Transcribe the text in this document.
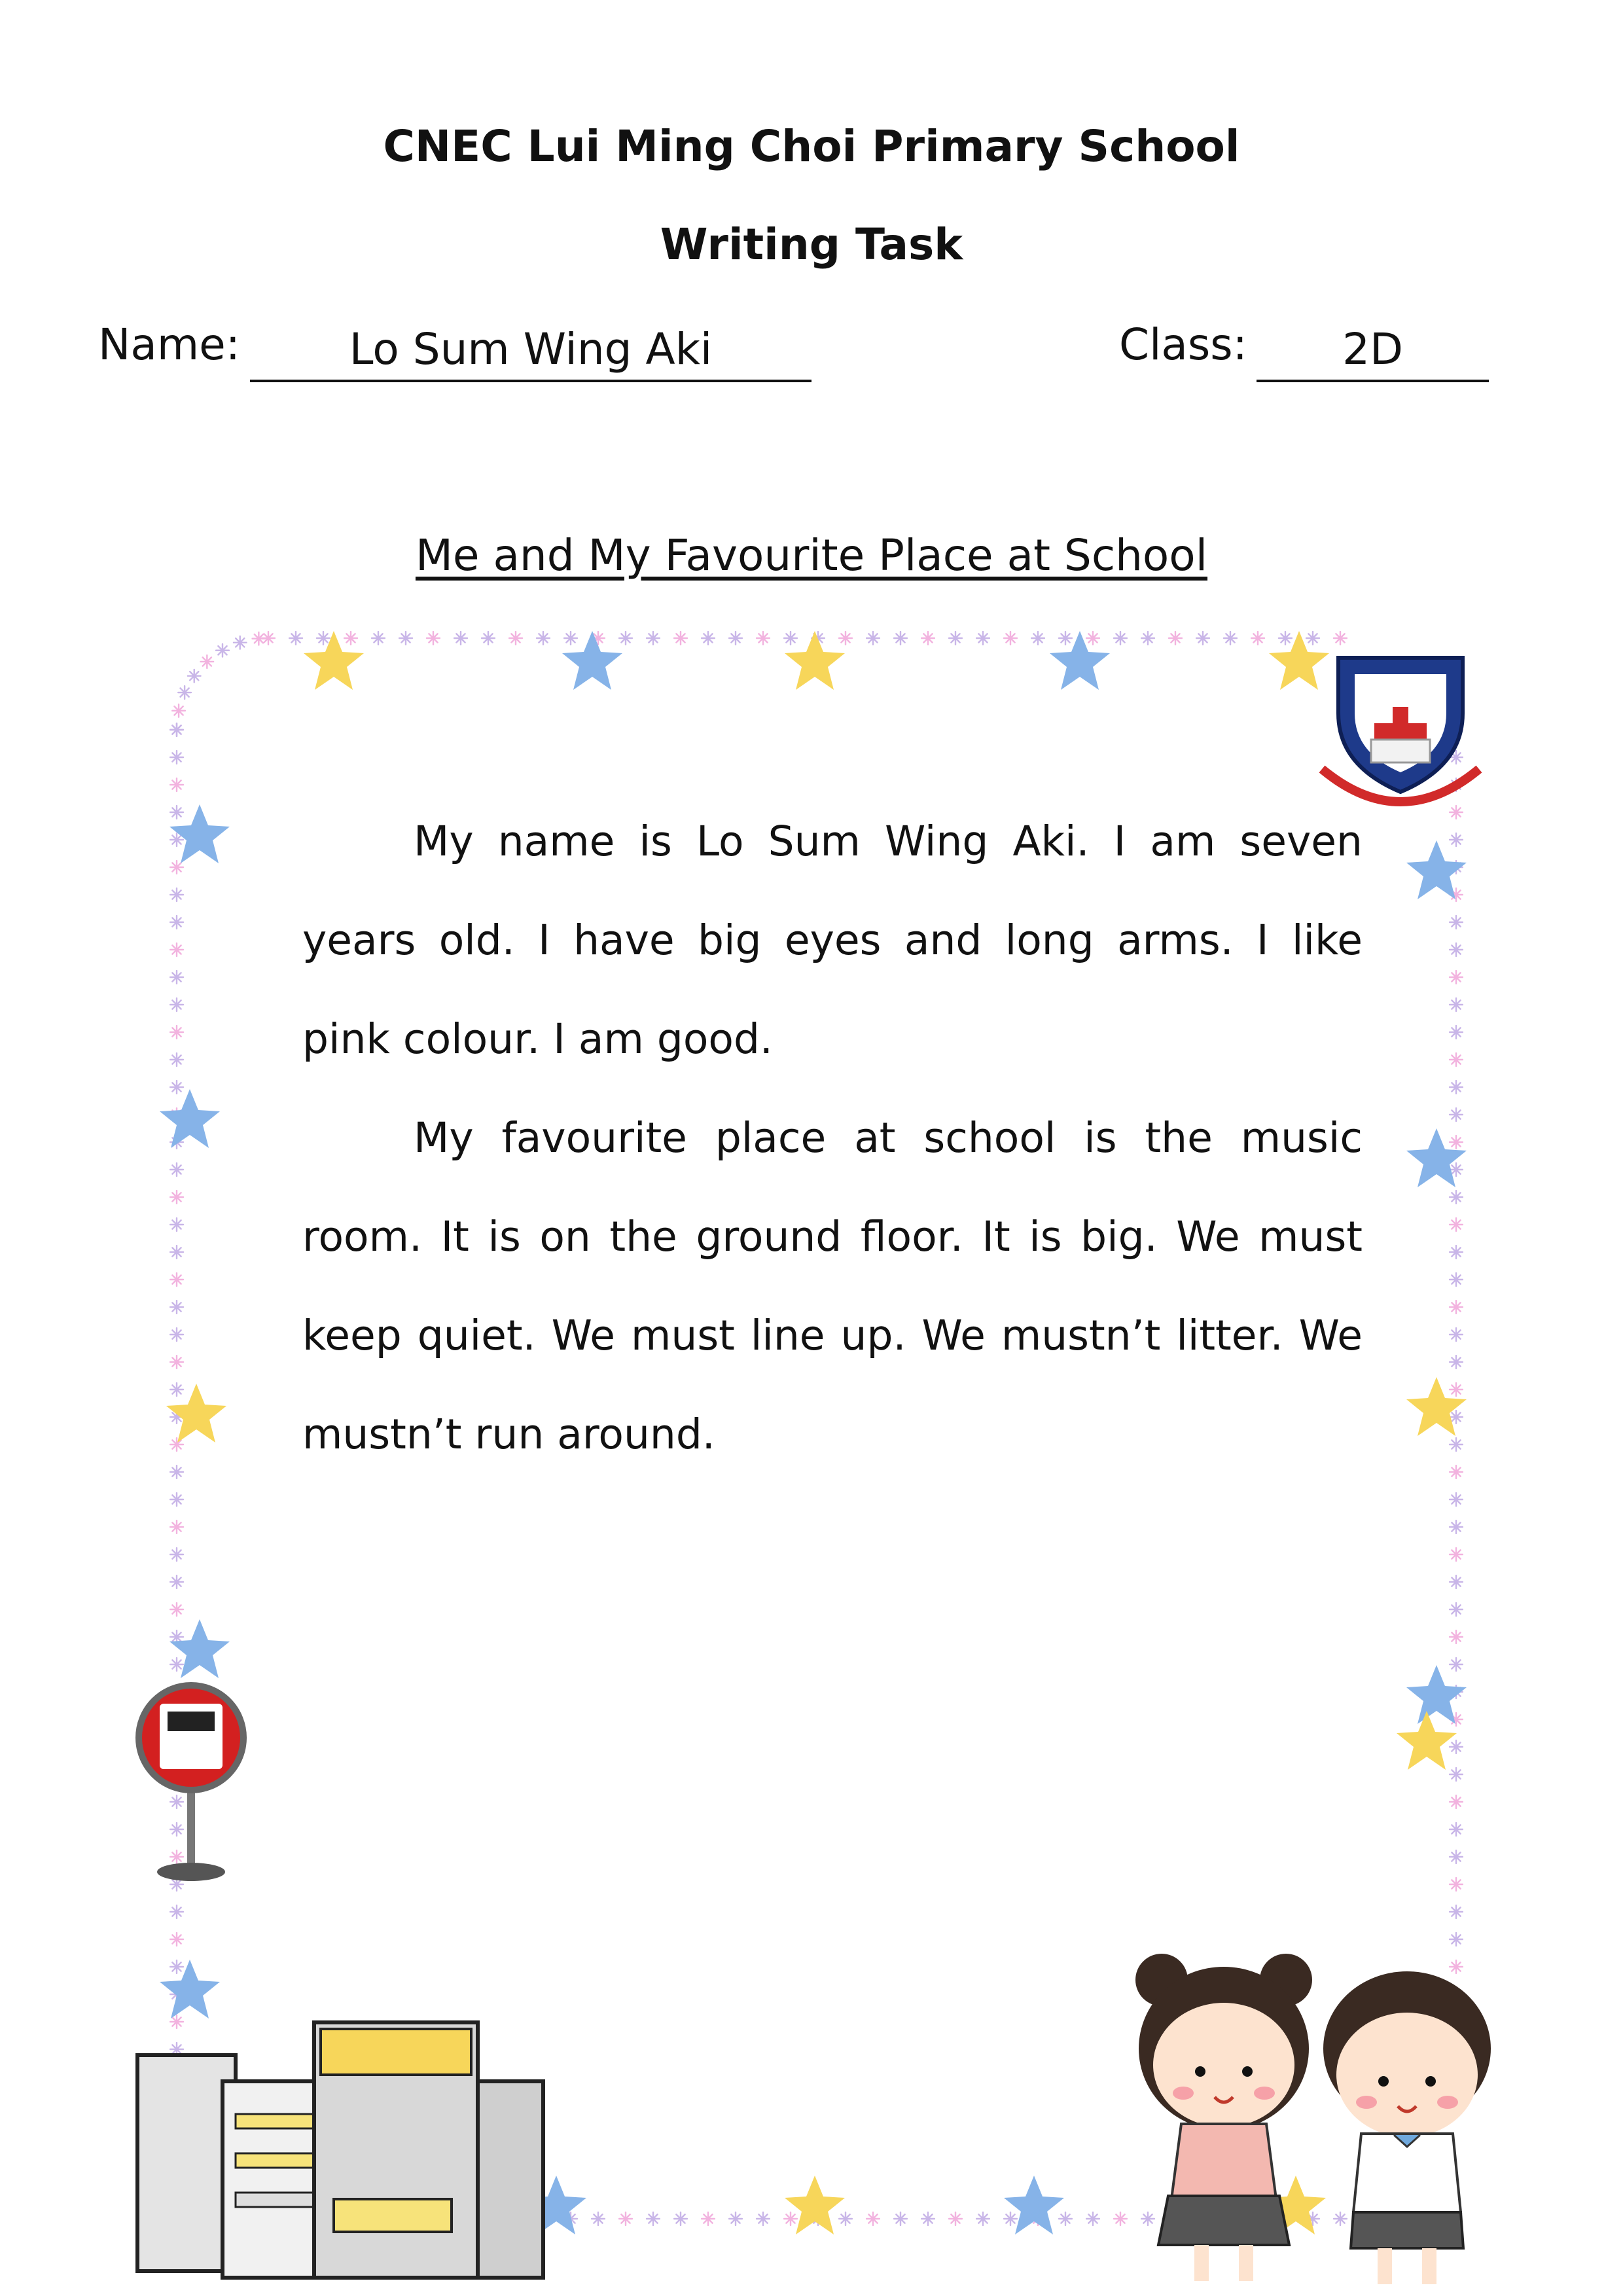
CNEC Lui Ming Choi Primary School
Writing Task
Name:	Lo Sum Wing Aki	Class:	2D
Me and My Favourite Place at School

My name is Lo Sum Wing Aki. I am seven years old. I have big eyes and long arms. I like pink colour. I am good.

My favourite place at school is the music room. It is on the ground floor. It is big. We must keep quiet. We must line up. We mustn’t litter. We mustn’t run around.
